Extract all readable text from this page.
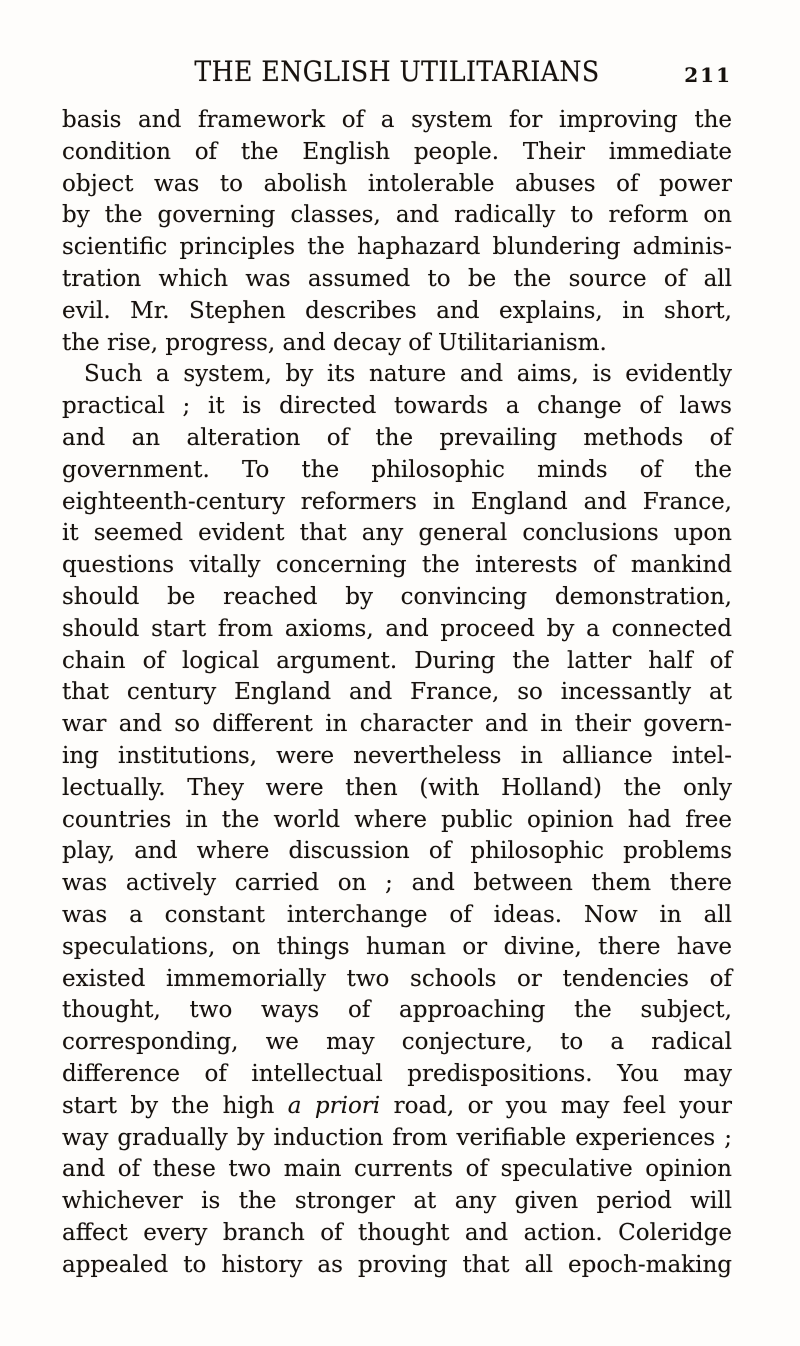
THE ENGLISH UTILITARIANS	211
basis and framework of a system for improving the
condition of the English people. Their immediate
object was to abolish intolerable abuses of power
by the governing classes, and radically to reform on
scientific principles the haphazard blundering adminis-
tration which was assumed to be the source of all
evil. Mr. Stephen describes and explains, in short,
the rise, progress, and decay of Utilitarianism.
Such a system, by its nature and aims, is evidently
practical ; it is directed towards a change of laws
and an alteration of the prevailing methods of
government. To the philosophic minds of the
eighteenth-century reformers in England and France,
it seemed evident that any general conclusions upon
questions vitally concerning the interests of mankind
should be reached by convincing demonstration,
should start from axioms, and proceed by a connected
chain of logical argument. During the latter half of
that century England and France, so incessantly at
war and so different in character and in their govern-
ing institutions, were nevertheless in alliance intel-
lectually. They were then (with Holland) the only
countries in the world where public opinion had free
play, and where discussion of philosophic problems
was actively carried on ; and between them there
was a constant interchange of ideas. Now in all
speculations, on things human or divine, there have
existed immemorially two schools or tendencies of
thought, two ways of approaching the subject,
corresponding, we may conjecture, to a radical
difference of intellectual predispositions. You may
start by the high a priori road, or you may feel your
way gradually by induction from verifiable experiences ;
and of these two main currents of speculative opinion
whichever is the stronger at any given period will
affect every branch of thought and action. Coleridge
appealed to history as proving that all epoch-making
